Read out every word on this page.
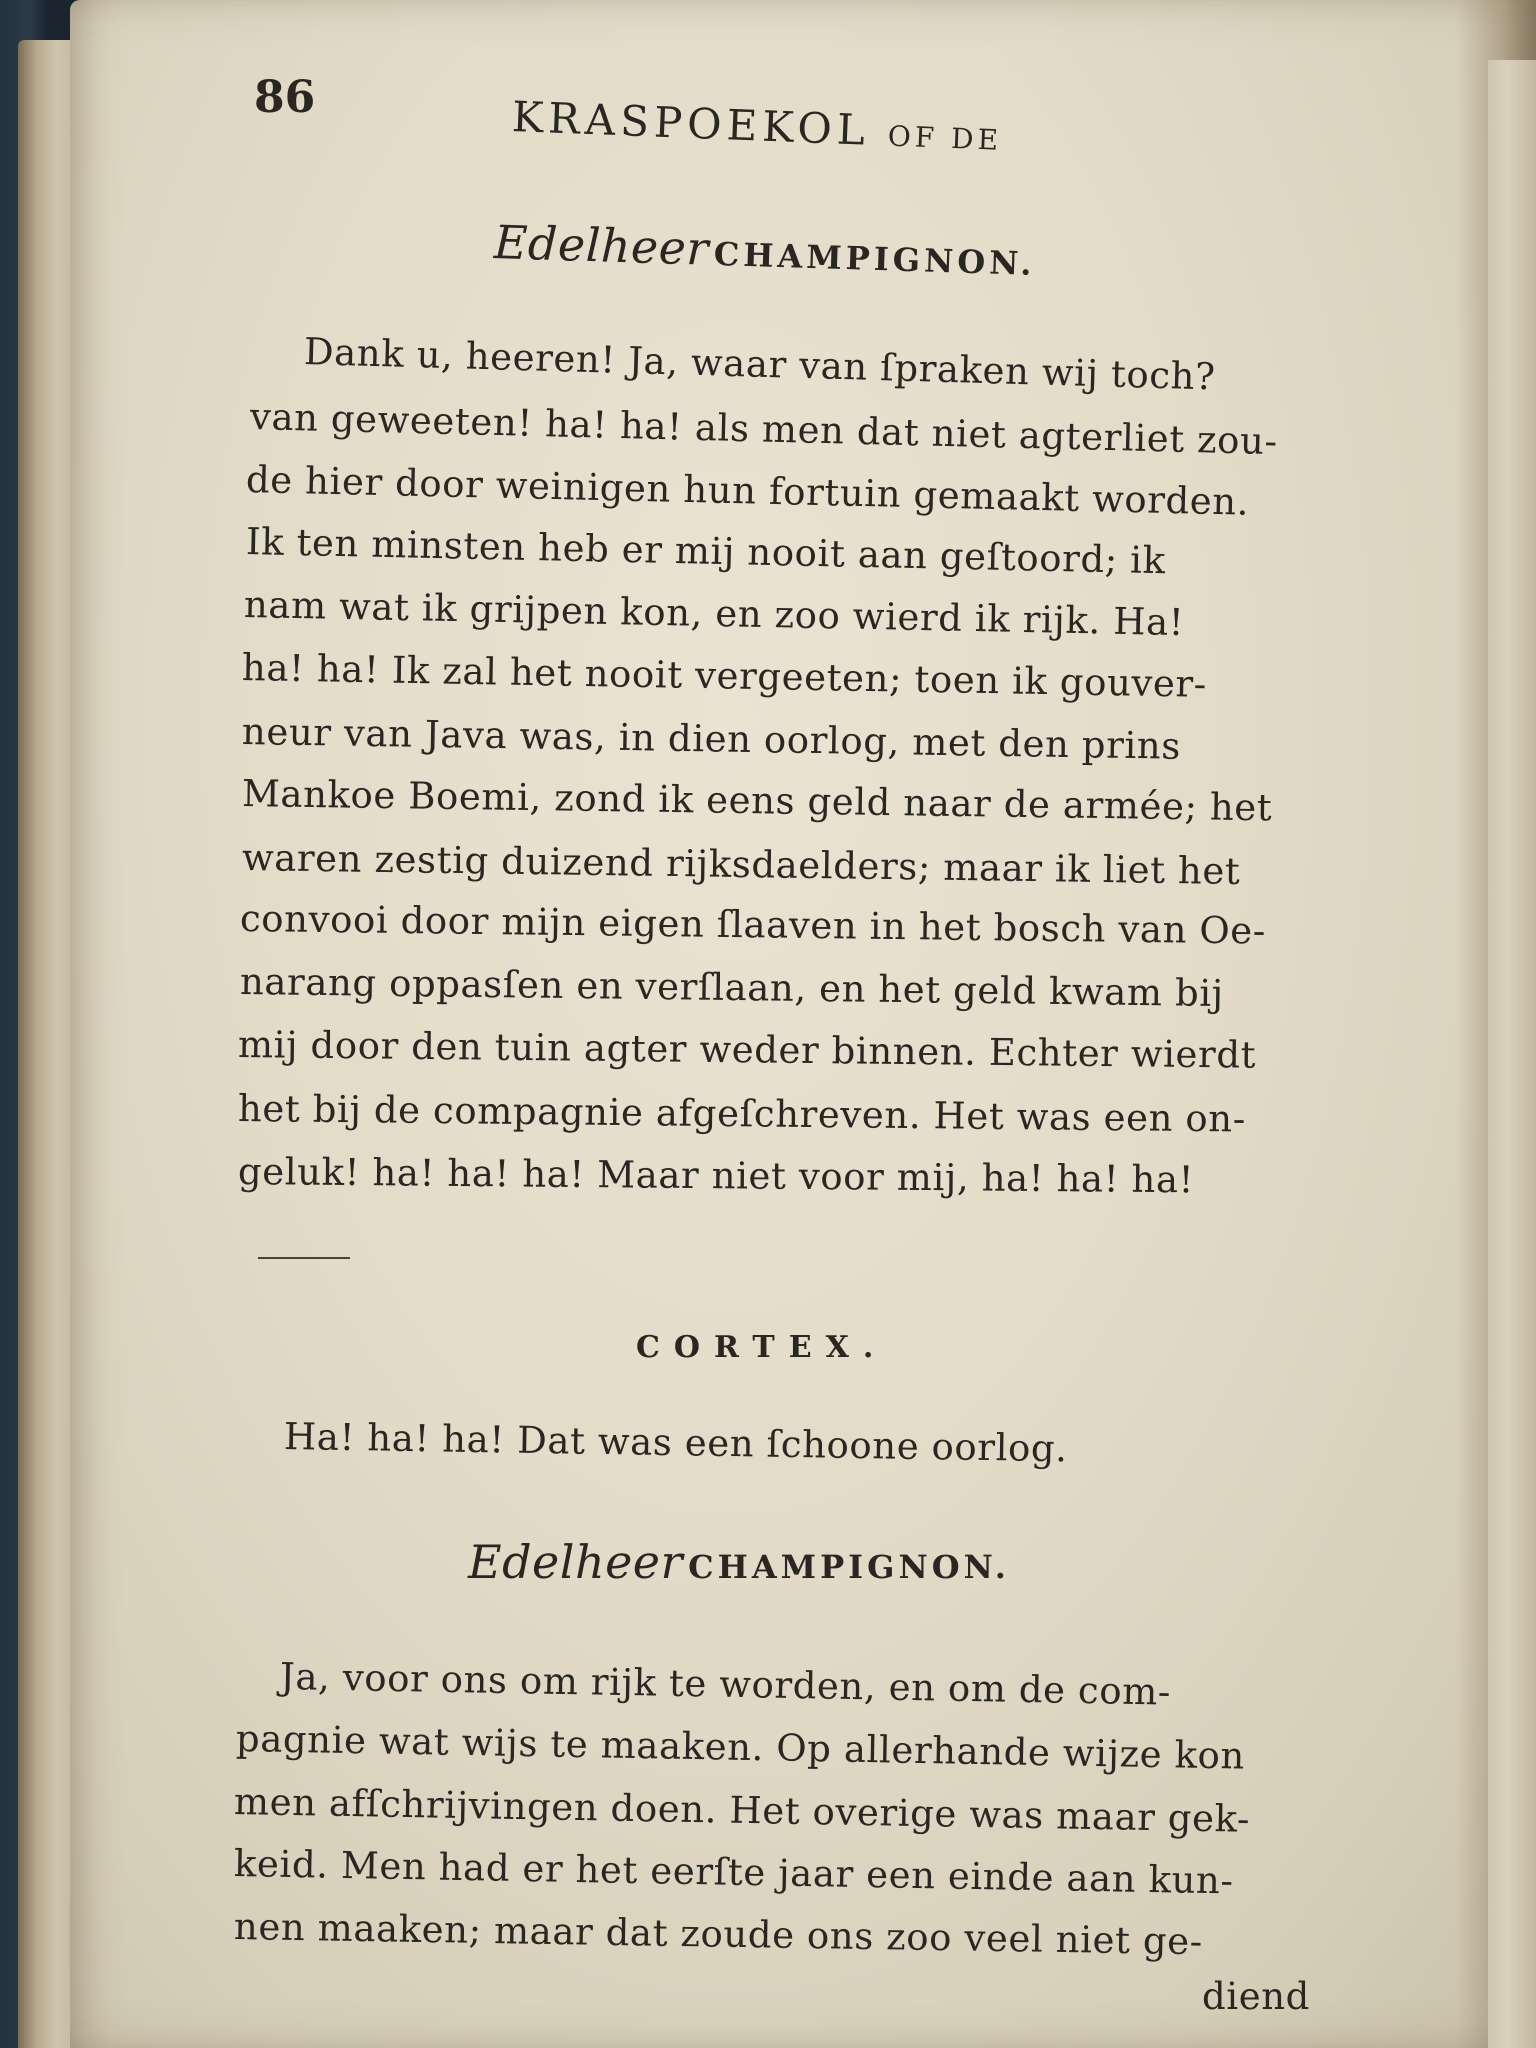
86	KRASPOEKOL OF DE
Edelheer CHAMPIGNON.
Dank u, heeren! Ja, waar van ſpraken wij toch?
van geweeten! ha! ha! als men dat niet agterliet zou-
de hier door weinigen hun fortuin gemaakt worden.
Ik ten minsten heb er mij nooit aan geſtoord; ik
nam wat ik grijpen kon, en zoo wierd ik rijk. Ha!
ha! ha! Ik zal het nooit vergeeten; toen ik gouver-
neur van Java was, in dien oorlog, met den prins
Mankoe Boemi, zond ik eens geld naar de armée; het
waren zestig duizend rijksdaelders; maar ik liet het
convooi door mijn eigen ſlaaven in het bosch van Oe-
narang oppasſen en verſlaan, en het geld kwam bij
mij door den tuin agter weder binnen. Echter wierdt
het bij de compagnie afgeſchreven. Het was een on-
geluk! ha! ha! ha! Maar niet voor mij, ha! ha! ha!
CORTEX.
Ha! ha! ha! Dat was een ſchoone oorlog.
Edelheer CHAMPIGNON.
Ja, voor ons om rijk te worden, en om de com-
pagnie wat wijs te maaken. Op allerhande wijze kon
men afſchrijvingen doen. Het overige was maar gek-
keid. Men had er het eerſte jaar een einde aan kun-
nen maaken; maar dat zoude ons zoo veel niet ge-
diend
